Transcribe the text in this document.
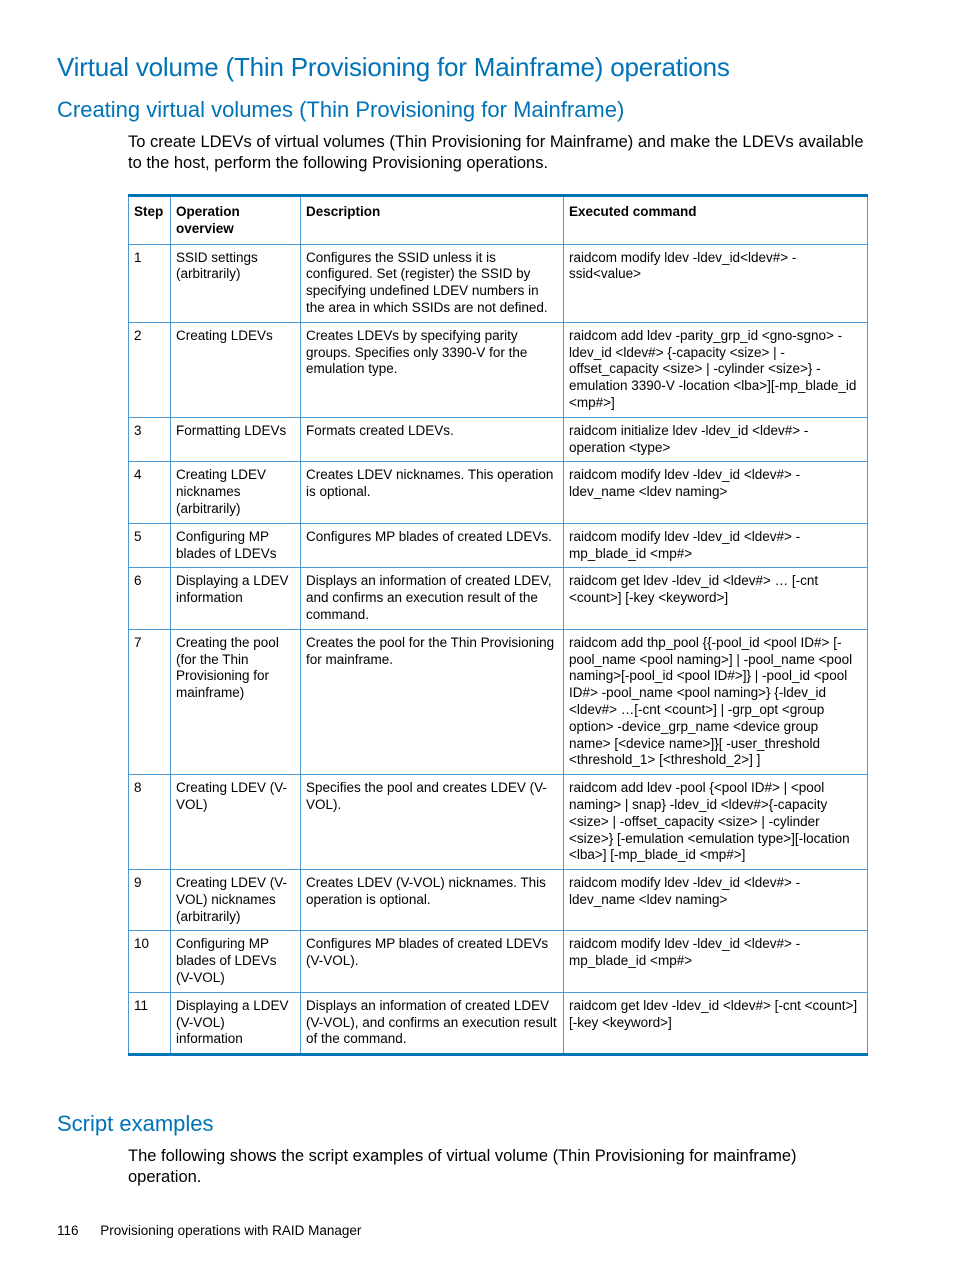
Virtual volume (Thin Provisioning for Mainframe) operations
Creating virtual volumes (Thin Provisioning for Mainframe)

To create LDEVs of virtual volumes (Thin Provisioning for Mainframe) and make the LDEVs available to the host, perform the following Provisioning operations.

Step	Operation overview	Description	Executed command
1	SSID settings (arbitrarily)	Configures the SSID unless it is configured. Set (register) the SSID by specifying undefined LDEV numbers in the area in which SSIDs are not defined.	raidcom modify ldev -ldev_id<ldev#> -ssid<value>
2	Creating LDEVs	Creates LDEVs by specifying parity groups. Specifies only 3390-V for the emulation type.	raidcom add ldev -parity_grp_id <gno-sgno> -ldev_id <ldev#> {-capacity <size> | -offset_capacity <size> | -cylinder <size>} -emulation 3390-V -location <lba>][-mp_blade_id <mp#>]
3	Formatting LDEVs	Formats created LDEVs.	raidcom initialize ldev -ldev_id <ldev#> -operation <type>
4	Creating LDEV nicknames (arbitrarily)	Creates LDEV nicknames. This operation is optional.	raidcom modify ldev -ldev_id <ldev#> -ldev_name <ldev naming>
5	Configuring MP blades of LDEVs	Configures MP blades of created LDEVs.	raidcom modify ldev -ldev_id <ldev#> -mp_blade_id <mp#>
6	Displaying a LDEV information	Displays an information of created LDEV, and confirms an execution result of the command.	raidcom get ldev -ldev_id <ldev#> … [-cnt <count>] [-key <keyword>]
7	Creating the pool (for the Thin Provisioning for mainframe)	Creates the pool for the Thin Provisioning for mainframe.	raidcom add thp_pool {{-pool_id <pool ID#> [-pool_name <pool naming>] | -pool_name <pool naming>[-pool_id <pool ID#>]} | -pool_id <pool ID#> -pool_name <pool naming>} {-ldev_id <ldev#> …[-cnt <count>] | -grp_opt <group option> -device_grp_name <device group name> [<device name>]}[ -user_threshold <threshold_1> [<threshold_2>] ]
8	Creating LDEV (V-VOL)	Specifies the pool and creates LDEV (V-VOL).	raidcom add ldev -pool {<pool ID#> | <pool naming> | snap} -ldev_id <ldev#>{-capacity <size> | -offset_capacity <size> | -cylinder <size>} [-emulation <emulation type>][-location <lba>] [-mp_blade_id <mp#>]
9	Creating LDEV (V-VOL) nicknames (arbitrarily)	Creates LDEV (V-VOL) nicknames. This operation is optional.	raidcom modify ldev -ldev_id <ldev#> -ldev_name <ldev naming>
10	Configuring MP blades of LDEVs (V-VOL)	Configures MP blades of created LDEVs (V-VOL).	raidcom modify ldev -ldev_id <ldev#> -mp_blade_id <mp#>
11	Displaying a LDEV (V-VOL) information	Displays an information of created LDEV (V-VOL), and confirms an execution result of the command.	raidcom get ldev -ldev_id <ldev#> [-cnt <count>] [-key <keyword>]
Script examples

The following shows the script examples of virtual volume (Thin Provisioning for mainframe) operation.

116 Provisioning operations with RAID Manager
